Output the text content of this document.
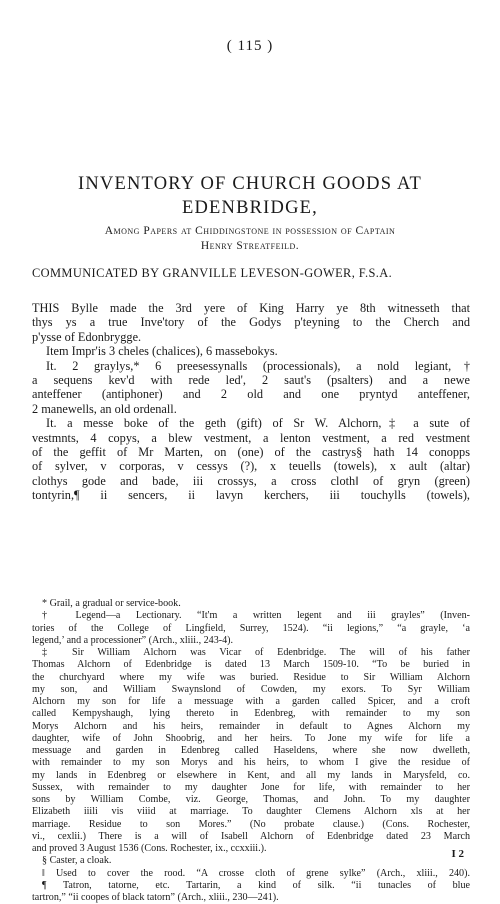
( 115 )
INVENTORY OF CHURCH GOODS AT
EDENBRIDGE,
Among Papers at Chiddingstone in possession of Captain
Henry Streatfeild.
COMMUNICATED BY GRANVILLE LEVESON-GOWER, F.S.A.
THIS Bylle made the 3rd yere of King Harry ye 8th witnesseth that
thys ys a true Inve'tory of the Godys p'teyning to the Cherch and
p'ysse of Edonbrygge.
Item Impr'is 3 cheles (chalices), 6 massebokys.
It. 2 graylys,* 6 preesessynalls (processionals), a nold legiant,†
a sequens kev'd with rede led', 2 saut's (psalters) and a newe
anteffener (antiphoner) and 2 old and one pryntyd anteffener,
2 manewells, an old ordenall.
It. a messe boke of the geth (gift) of Sr W. Alchorn,‡ a sute of
vestmnts, 4 copys, a blew vestment, a lenton vestment, a red vestment
of the geffit of Mr Marten, on (one) of the castrys§ hath 14 conopps
of sylver, v corporas, v cessys (?), x teuells (towels), x ault (altar)
clothys gode and bade, iii crossys, a cross cloth‖ of gryn (green)
tontyrin,¶ ii sencers, ii lavyn kerchers, iii touchylls (towels),
* Grail, a gradual or service-book.
† Legend—a Lectionary. “It'm a written legent and iii grayles” (Inven-
tories of the College of Lingfield, Surrey, 1524). “ii legions,” “a grayle, ‘a
legend,’ and a processioner” (Arch., xliii., 243-4).
‡ Sir William Alchorn was Vicar of Edenbridge. The will of his father
Thomas Alchorn of Edenbridge is dated 13 March 1509-10. “To be buried in
the churchyard where my wife was buried. Residue to Sir William Alchorn
my son, and William Swaynslond of Cowden, my exors. To Syr William
Alchorn my son for life a messuage with a garden called Spicer, and a croft
called Kempyshaugh, lying thereto in Edenbreg, with remainder to my son
Morys Alchorn and his heirs, remainder in default to Agnes Alchorn my
daughter, wife of John Shoobrig, and her heirs. To Jone my wife for life a
messuage and garden in Edenbreg called Haseldens, where she now dwelleth,
with remainder to my son Morys and his heirs, to whom I give the residue of
my lands in Edenbreg or elsewhere in Kent, and all my lands in Marysfeld, co.
Sussex, with remainder to my daughter Jone for life, with remainder to her
sons by William Combe, viz. George, Thomas, and John. To my daughter
Elizabeth iiili vis viiid at marriage. To daughter Clemens Alchorn xls at her
marriage. Residue to son Mores.” (No probate clause.) (Cons. Rochester,
vi., cexlii.) There is a will of Isabell Alchorn of Edenbridge dated 23 March
and proved 3 August 1536 (Cons. Rochester, ix., ccxxiii.).
§ Caster, a cloak.
‖ Used to cover the rood. “A crosse cloth of grene sylke” (Arch., xliii., 240).
¶ Tatron, tatorne, etc. Tartarin, a kind of silk. “ii tunacles of blue
tartron,” “ii coopes of black tatorn” (Arch., xliii., 230—241).
I 2
